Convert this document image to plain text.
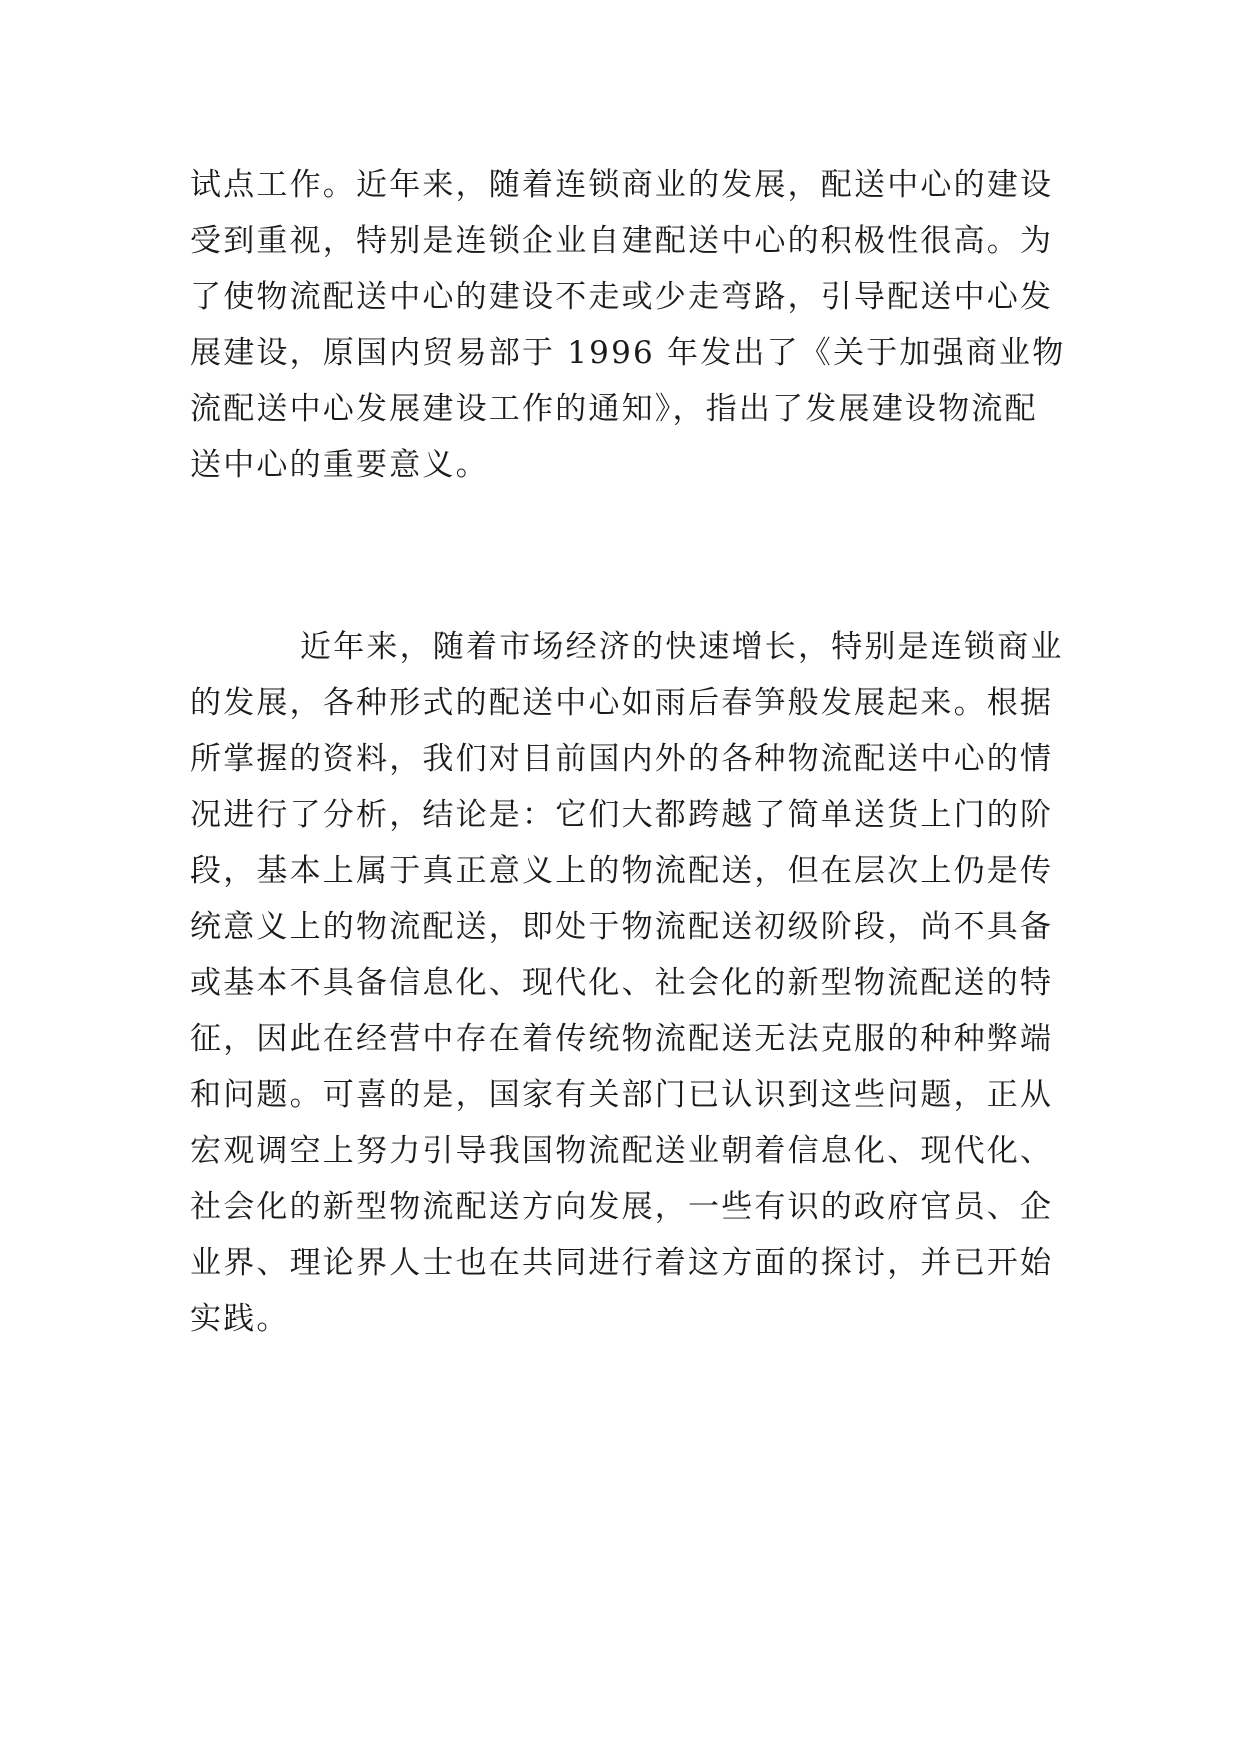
试点工作。近年来，随着连锁商业的发展，配送中心的建设
受到重视，特别是连锁企业自建配送中心的积极性很高。为
了使物流配送中心的建设不走或少走弯路，引导配送中心发
展建设，原国内贸易部于 1996 年发出了《关于加强商业物
流配送中心发展建设工作的通知》，指出了发展建设物流配
送中心的重要意义。
近年来，随着市场经济的快速增长，特别是连锁商业
的发展，各种形式的配送中心如雨后春笋般发展起来。根据
所掌握的资料，我们对目前国内外的各种物流配送中心的情
况进行了分析，结论是：它们大都跨越了简单送货上门的阶
段，基本上属于真正意义上的物流配送，但在层次上仍是传
统意义上的物流配送，即处于物流配送初级阶段，尚不具备
或基本不具备信息化、现代化、社会化的新型物流配送的特
征，因此在经营中存在着传统物流配送无法克服的种种弊端
和问题。可喜的是，国家有关部门已认识到这些问题，正从
宏观调空上努力引导我国物流配送业朝着信息化、现代化、
社会化的新型物流配送方向发展，一些有识的政府官员、企
业界、理论界人士也在共同进行着这方面的探讨，并已开始
实践。
